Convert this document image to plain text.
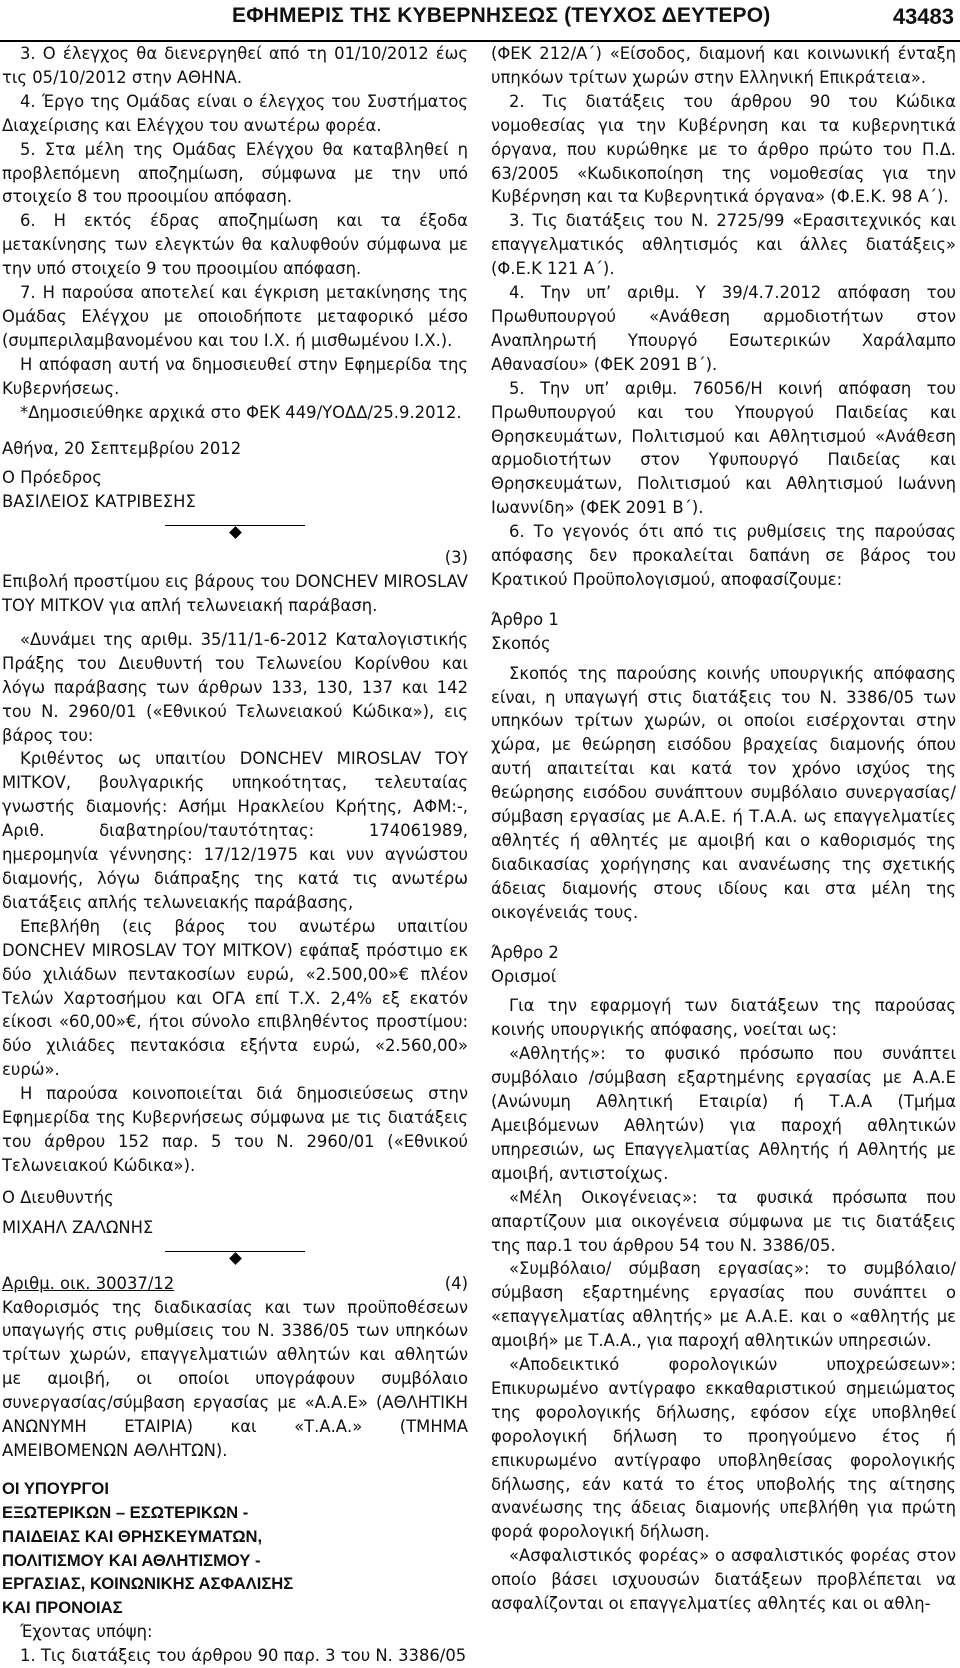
ΕΦΗΜΕΡΙΣ ΤΗΣ ΚΥΒΕΡΝΗΣΕΩΣ (ΤΕΥΧΟΣ ΔΕΥΤΕΡΟ)	43483

3. Ο έλεγχος θα διενεργηθεί από τη 01/10/2012 έως τις 05/10/2012 στην ΑΘΗΝΑ.

4. Έργο της Ομάδας είναι ο έλεγχος του Συστήματος Διαχείρισης και Ελέγχου του ανωτέρω φορέα.

5. Στα μέλη της Ομάδας Ελέγχου θα καταβληθεί η προβλεπόμενη αποζημίωση, σύμφωνα με την υπό στοιχείο 8 του προοιμίου απόφαση.

6. Η εκτός έδρας αποζημίωση και τα έξοδα μετακίνησης των ελεγκτών θα καλυφθούν σύμφωνα με την υπό στοιχείο 9 του προοιμίου απόφαση.

7. Η παρούσα αποτελεί και έγκριση μετακίνησης της Ομάδας Ελέγχου με οποιοδήποτε μεταφορικό μέσο (συμπεριλαμβανομένου και του Ι.Χ. ή μισθωμένου Ι.Χ.).

Η απόφαση αυτή να δημοσιευθεί στην Εφημερίδα της Κυβερνήσεως.

*Δημοσιεύθηκε αρχικά στο ΦΕΚ 449/ΥΟΔΔ/25.9.2012.

Αθήνα, 20 Σεπτεμβρίου 2012

Ο Πρόεδρος

ΒΑΣΙΛΕΙΟΣ ΚΑΤΡΙΒΕΣΗΣ

(3)

Επιβολή προστίμου εις βάρους του DONCHEV MIROSLAV ΤΟΥ ΜΙΤΚΟV για απλή τελωνειακή παράβαση.

«Δυνάμει της αριθμ. 35/11/1-6-2012 Καταλογιστικής Πράξης του Διευθυντή του Τελωνείου Κορίνθου και λόγω παράβασης των άρθρων 133, 130, 137 και 142 του Ν. 2960/01 («Εθνικού Τελωνειακού Κώδικα»), εις βάρος του:

Κριθέντος ως υπαιτίου DONCHEV MIROSLAV ΤΟΥ ΜΙΤΚΟV, βουλγαρικής υπηκοότητας, τελευταίας γνωστής διαμονής: Ασήμι Ηρακλείου Κρήτης, ΑΦΜ:-, Αριθ. διαβατηρίου/ταυτότητας: 174061989, ημερομηνία γέννησης: 17/12/1975 και νυν αγνώστου διαμονής, λόγω διάπραξης της κατά τις ανωτέρω διατάξεις απλής τελωνειακής παράβασης,

Επεβλήθη (εις βάρος του ανωτέρω υπαιτίου DONCHEV MIROSLAV ΤΟΥ ΜΙΤΚΟV) εφάπαξ πρόστιμο εκ δύο χιλιάδων πεντακοσίων ευρώ, «2.500,00»€ πλέον Τελών Χαρτοσήμου και ΟΓΑ επί Τ.Χ. 2,4% εξ εκατόν είκοσι «60,00»€, ήτοι σύνολο επιβληθέντος προστίμου: δύο χιλιάδες πεντακόσια εξήντα ευρώ, «2.560,00» ευρώ».

Η παρούσα κοινοποιείται διά δημοσιεύσεως στην Εφημερίδα της Κυβερνήσεως σύμφωνα με τις διατάξεις του άρθρου 152 παρ. 5 του Ν. 2960/01 («Εθνικού Τελωνειακού Κώδικα»).

Ο Διευθυντής

ΜΙΧΑΗΛ ΖΑΛΩΝΗΣ

Αριθμ. οικ. 30037/12	(4)

Καθορισμός της διαδικασίας και των προϋποθέσεων υπαγωγής στις ρυθμίσεις του Ν. 3386/05 των υπηκόων τρίτων χωρών, επαγγελματιών αθλητών και αθλητών με αμοιβή, οι οποίοι υπογράφουν συμβόλαιο συνεργασίας/σύμβαση εργασίας με «Α.Α.Ε» (ΑΘΛΗΤΙΚΗ ΑΝΩΝΥΜΗ ΕΤΑΙΡΙΑ) και «Τ.Α.Α.» (ΤΜΗΜΑ ΑΜΕΙΒΟΜΕΝΩΝ ΑΘΛΗΤΩΝ).

ΟΙ ΥΠΟΥΡΓΟΙ

ΕΞΩΤΕΡΙΚΩΝ – ΕΣΩΤΕΡΙΚΩΝ -

ΠΑΙΔΕΙΑΣ ΚΑΙ ΘΡΗΣΚΕΥΜΑΤΩΝ,

ΠΟΛΙΤΙΣΜΟΥ ΚΑΙ ΑΘΛΗΤΙΣΜΟΥ -

ΕΡΓΑΣΙΑΣ, ΚΟΙΝΩΝΙΚΗΣ ΑΣΦΑΛΙΣΗΣ

ΚΑΙ ΠΡΟΝΟΙΑΣ

Έχοντας υπόψη:

1. Τις διατάξεις του άρθρου 90 παρ. 3 του Ν. 3386/05

(ΦΕΚ 212/Α΄) «Είσοδος, διαμονή και κοινωνική ένταξη υπηκόων τρίτων χωρών στην Ελληνική Επικράτεια».

2. Τις διατάξεις του άρθρου 90 του Κώδικα νομοθεσίας για την Κυβέρνηση και τα κυβερνητικά όργανα, που κυρώθηκε με το άρθρο πρώτο του Π.Δ. 63/2005 «Κωδικοποίηση της νομοθεσίας για την Κυβέρνηση και τα Κυβερνητικά όργανα» (Φ.Ε.Κ. 98 Α΄).

3. Τις διατάξεις του Ν. 2725/99 «Ερασιτεχνικός και επαγγελματικός αθλητισμός και άλλες διατάξεις» (Φ.Ε.Κ 121 Α΄).

4. Την υπ’ αριθμ. Υ 39/4.7.2012 απόφαση του Πρωθυπουργού «Ανάθεση αρμοδιοτήτων στον Αναπληρωτή Υπουργό Εσωτερικών Χαράλαμπο Αθανασίου» (ΦΕΚ 2091 Β΄).

5. Την υπ’ αριθμ. 76056/Η κοινή απόφαση του Πρωθυπουργού και του Υπουργού Παιδείας και Θρησκευμάτων, Πολιτισμού και Αθλητισμού «Ανάθεση αρμοδιοτήτων στον Υφυπουργό Παιδείας και Θρησκευμάτων, Πολιτισμού και Αθλητισμού Ιωάννη Ιωαννίδη» (ΦΕΚ 2091 Β΄).

6. Το γεγονός ότι από τις ρυθμίσεις της παρούσας απόφασης δεν προκαλείται δαπάνη σε βάρος του Κρατικού Προϋπολογισμού, αποφασίζουμε:

Άρθρο 1

Σκοπός

Σκοπός της παρούσης κοινής υπουργικής απόφασης είναι, η υπαγωγή στις διατάξεις του Ν. 3386/05 των υπηκόων τρίτων χωρών, οι οποίοι εισέρχονται στην χώρα, με θεώρηση εισόδου βραχείας διαμονής όπου αυτή απαιτείται και κατά τον χρόνο ισχύος της θεώρησης εισόδου συνάπτουν συμβόλαιο συνεργασίας/σύμβαση εργασίας με Α.Α.Ε. ή Τ.Α.Α. ως επαγγελματίες αθλητές ή αθλητές με αμοιβή και ο καθορισμός της διαδικασίας χορήγησης και ανανέωσης της σχετικής άδειας διαμονής στους ιδίους και στα μέλη της οικογένειάς τους.

Άρθρο 2

Ορισμοί

Για την εφαρμογή των διατάξεων της παρούσας κοινής υπουργικής απόφασης, νοείται ως:

«Αθλητής»: το φυσικό πρόσωπο που συνάπτει συμβόλαιο /σύμβαση εξαρτημένης εργασίας με Α.Α.Ε (Ανώνυμη Αθλητική Εταιρία) ή Τ.Α.Α (Τμήμα Αμειβόμενων Αθλητών) για παροχή αθλητικών υπηρεσιών, ως Επαγγελματίας Αθλητής ή Αθλητής με αμοιβή, αντιστοίχως.

«Μέλη Οικογένειας»: τα φυσικά πρόσωπα που απαρτίζουν μια οικογένεια σύμφωνα με τις διατάξεις της παρ.1 του άρθρου 54 του Ν. 3386/05.

«Συμβόλαιο/ σύμβαση εργασίας»: το συμβόλαιο/ σύμβαση εξαρτημένης εργασίας που συνάπτει ο «επαγγελματίας αθλητής» με Α.Α.Ε. και ο «αθλητής με αμοιβή» με Τ.Α.Α., για παροχή αθλητικών υπηρεσιών.

«Αποδεικτικό φορολογικών υποχρεώσεων»: Επικυρωμένο αντίγραφο εκκαθαριστικού σημειώματος της φορολογικής δήλωσης, εφόσον είχε υποβληθεί φορολογική δήλωση το προηγούμενο έτος ή επικυρωμένο αντίγραφο υποβληθείσας φορολογικής δήλωσης, εάν κατά το έτος υποβολής της αίτησης ανανέωσης της άδειας διαμονής υπεβλήθη για πρώτη φορά φορολογική δήλωση.

«Ασφαλιστικός φορέας» ο ασφαλιστικός φορέας στον οποίο βάσει ισχυουσών διατάξεων προβλέπεται να ασφαλίζονται οι επαγγελματίες αθλητές και οι αθλη-
